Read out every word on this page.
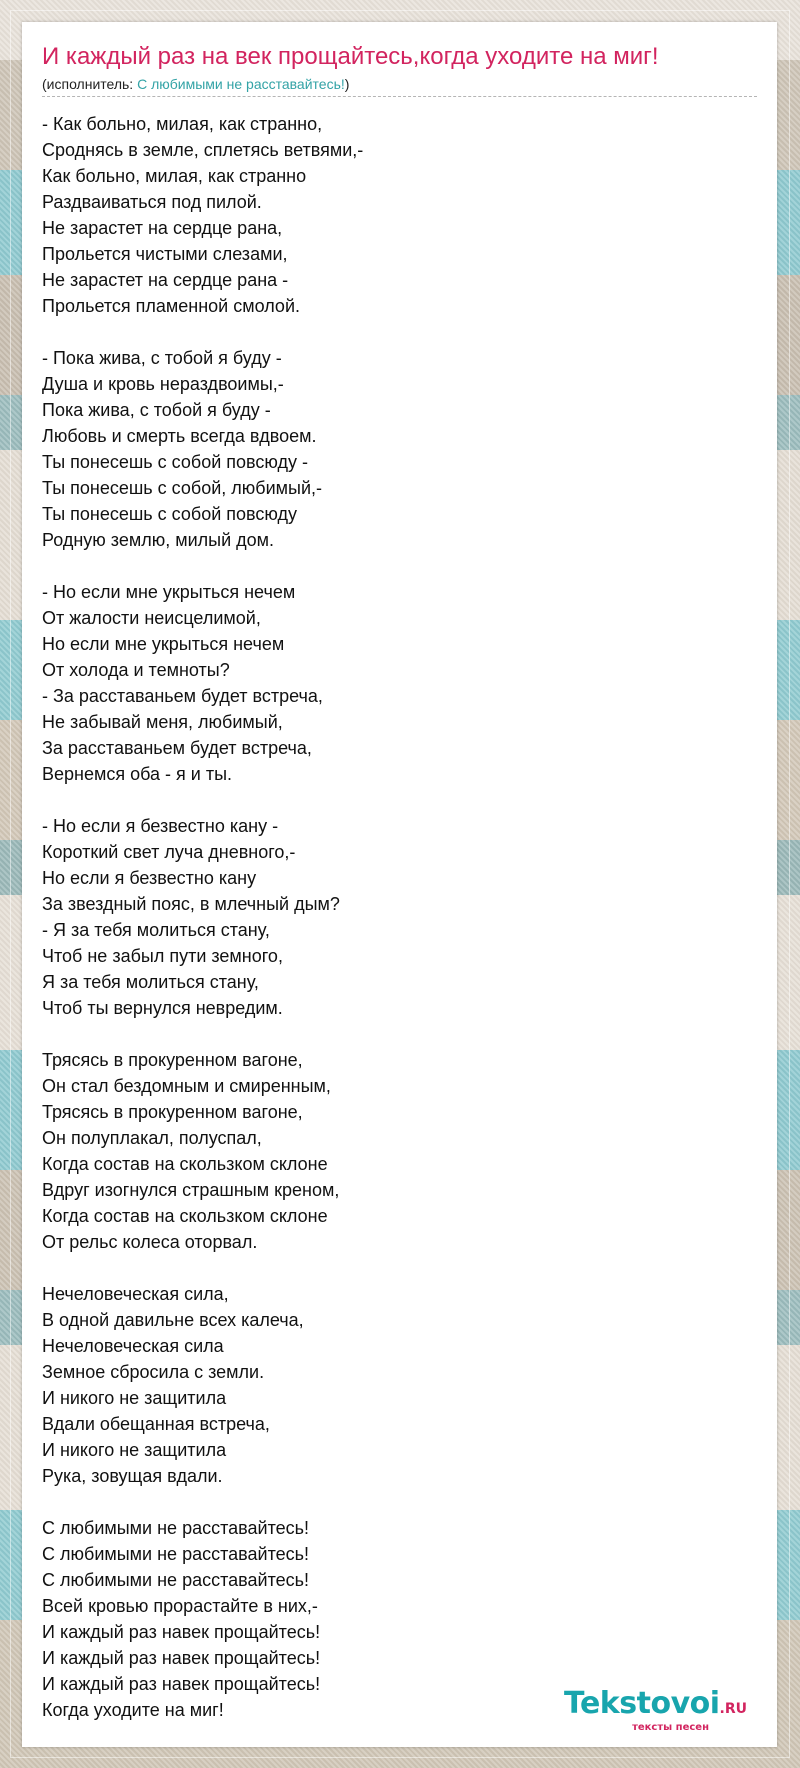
И каждый раз на век прощайтесь,когда уходите на миг!
(исполнитель: С любимыми не расставайтесь!)
- Как больно, милая, как странно,
Сроднясь в земле, сплетясь ветвями,-
Как больно, милая, как странно
Раздваиваться под пилой.
Не зарастет на сердце рана,
Прольется чистыми слезами,
Не зарастет на сердце рана -
Прольется пламенной смолой.
- Пока жива, с тобой я буду -
Душа и кровь нераздвоимы,-
Пока жива, с тобой я буду -
Любовь и смерть всегда вдвоем.
Ты понесешь с собой повсюду -
Ты понесешь с собой, любимый,-
Ты понесешь с собой повсюду
Родную землю, милый дом.
- Но если мне укрыться нечем
От жалости неисцелимой,
Но если мне укрыться нечем
От холода и темноты?
- За расставаньем будет встреча,
Не забывай меня, любимый,
За расставаньем будет встреча,
Вернемся оба - я и ты.
- Но если я безвестно кану -
Короткий свет луча дневного,-
Но если я безвестно кану
За звездный пояс, в млечный дым?
- Я за тебя молиться стану,
Чтоб не забыл пути земного,
Я за тебя молиться стану,
Чтоб ты вернулся невредим.
Трясясь в прокуренном вагоне,
Он стал бездомным и смиренным,
Трясясь в прокуренном вагоне,
Он полуплакал, полуспал,
Когда состав на скользком склоне
Вдруг изогнулся страшным креном,
Когда состав на скользком склоне
От рельс колеса оторвал.
Нечеловеческая сила,
В одной давильне всех калеча,
Нечеловеческая сила
Земное сбросила с земли.
И никого не защитила
Вдали обещанная встреча,
И никого не защитила
Рука, зовущая вдали.
С любимыми не расставайтесь!
С любимыми не расставайтесь!
С любимыми не расставайтесь!
Всей кровью прорастайте в них,-
И каждый раз навек прощайтесь!
И каждый раз навек прощайтесь!
И каждый раз навек прощайтесь!
Когда уходите на миг!	Tekstovoi.RU
тексты песен
